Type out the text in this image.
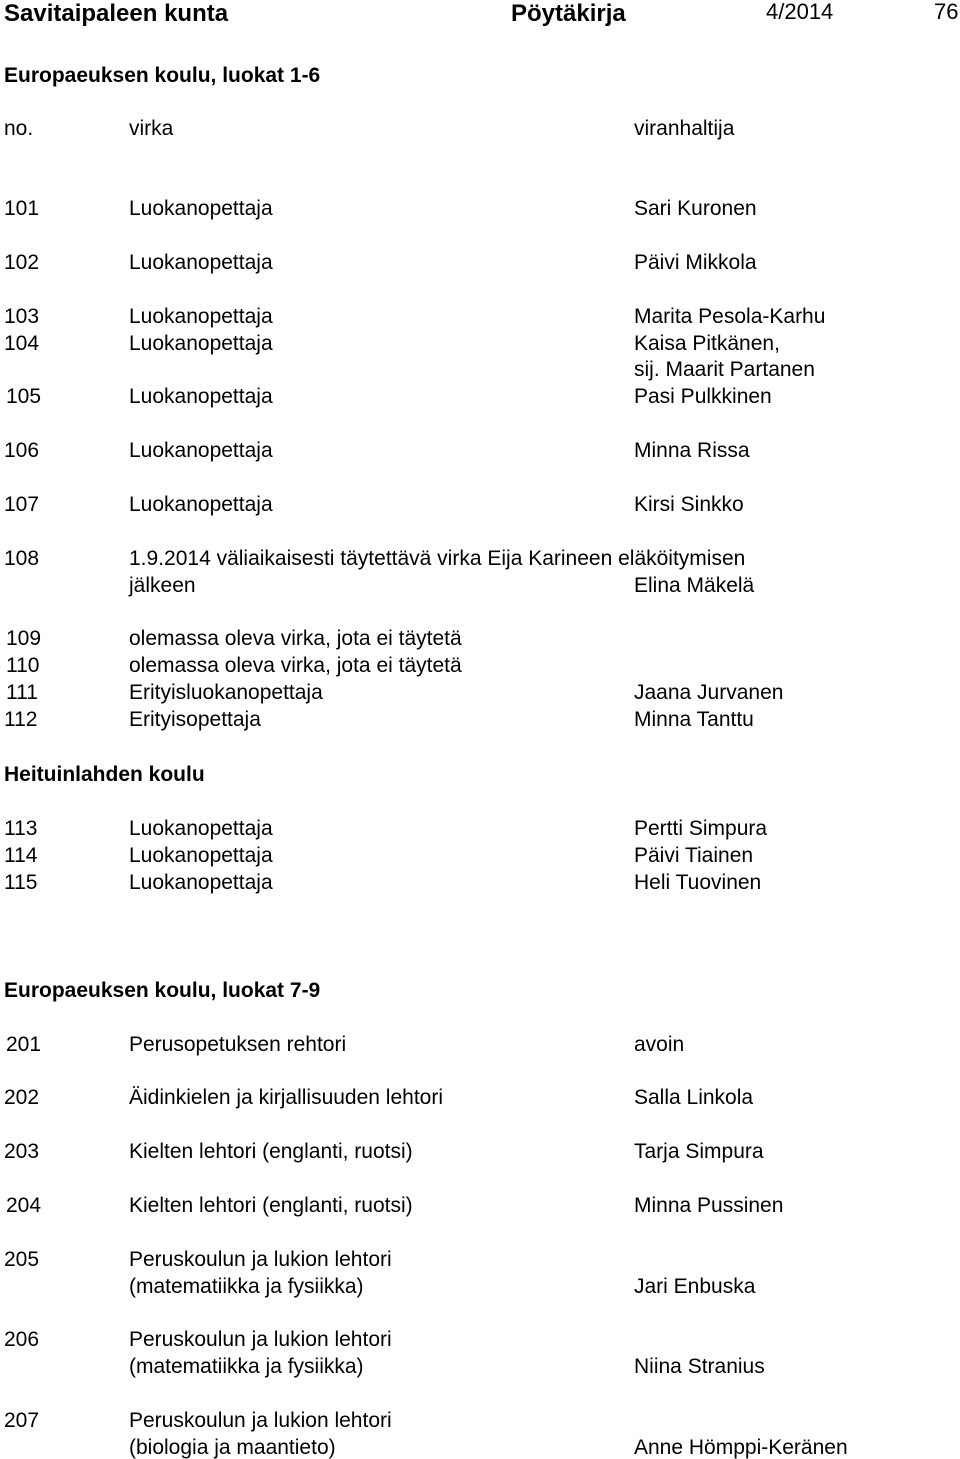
Savitaipaleen kunta	Pöytäkirja	4/2014	76
Europaeuksen koulu, luokat 1-6
no.	virka	viranhaltija
101	Luokanopettaja	Sari Kuronen
102	Luokanopettaja	Päivi Mikkola
103	Luokanopettaja	Marita Pesola-Karhu
104	Luokanopettaja	Kaisa Pitkänen,
sij. Maarit Partanen
105	Luokanopettaja	Pasi Pulkkinen
106	Luokanopettaja	Minna Rissa
107	Luokanopettaja	Kirsi Sinkko
108	1.9.2014 väliaikaisesti täytettävä virka Eija Karineen eläköitymisen
jälkeen	Elina Mäkelä
109	olemassa oleva virka, jota ei täytetä
110	olemassa oleva virka, jota ei täytetä
111	Erityisluokanopettaja	Jaana Jurvanen
112	Erityisopettaja	Minna Tanttu
Heituinlahden koulu
113	Luokanopettaja	Pertti Simpura
114	Luokanopettaja	Päivi Tiainen
115	Luokanopettaja	Heli Tuovinen
Europaeuksen koulu, luokat 7-9
201	Perusopetuksen rehtori	avoin
202	Äidinkielen ja kirjallisuuden lehtori	Salla Linkola
203	Kielten lehtori (englanti, ruotsi)	Tarja Simpura
204	Kielten lehtori (englanti, ruotsi)	Minna Pussinen
205	Peruskoulun ja lukion lehtori
(matematiikka ja fysiikka)	Jari Enbuska
206	Peruskoulun ja lukion lehtori
(matematiikka ja fysiikka)	Niina Stranius
207	Peruskoulun ja lukion lehtori
(biologia ja maantieto)	Anne Hömppi-Keränen
